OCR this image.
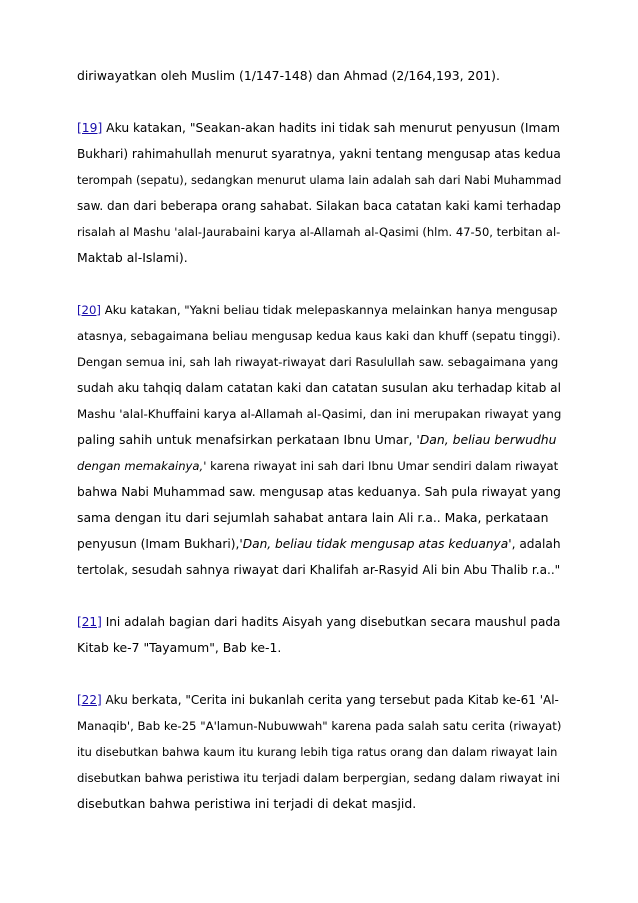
diriwayatkan oleh Muslim (1/147-148) dan Ahmad (2/164,193, 201).

[19] Aku katakan, "Seakan-akan hadits ini tidak sah menurut penyusun (Imam
Bukhari) rahimahullah menurut syaratnya, yakni tentang mengusap atas kedua
terompah (sepatu), sedangkan menurut ulama lain adalah sah dari Nabi Muhammad
saw. dan dari beberapa orang sahabat. Silakan baca catatan kaki kami terhadap
risalah al Mashu 'alal-Jaurabaini karya al-Allamah al-Qasimi (hlm. 47-50, terbitan al-
Maktab al-Islami).

[20] Aku katakan, "Yakni beliau tidak melepaskannya melainkan hanya mengusap
atasnya, sebagaimana beliau mengusap kedua kaus kaki dan khuff (sepatu tinggi).
Dengan semua ini, sah lah riwayat-riwayat dari Rasulullah saw. sebagaimana yang
sudah aku tahqiq dalam catatan kaki dan catatan susulan aku terhadap kitab al
Mashu 'alal-Khuffaini karya al-Allamah al-Qasimi, dan ini merupakan riwayat yang
paling sahih untuk menafsirkan perkataan Ibnu Umar, 'Dan, beliau berwudhu
dengan memakainya,' karena riwayat ini sah dari Ibnu Umar sendiri dalam riwayat
bahwa Nabi Muhammad saw. mengusap atas keduanya. Sah pula riwayat yang
sama dengan itu dari sejumlah sahabat antara lain Ali r.a.. Maka, perkataan
penyusun (Imam Bukhari),'Dan, beliau tidak mengusap atas keduanya', adalah
tertolak, sesudah sahnya riwayat dari Khalifah ar-Rasyid Ali bin Abu Thalib r.a.."

[21] Ini adalah bagian dari hadits Aisyah yang disebutkan secara maushul pada
Kitab ke-7 "Tayamum", Bab ke-1.

[22] Aku berkata, "Cerita ini bukanlah cerita yang tersebut pada Kitab ke-61 'Al-
Manaqib', Bab ke-25 "A'lamun-Nubuwwah" karena pada salah satu cerita (riwayat)
itu disebutkan bahwa kaum itu kurang lebih tiga ratus orang dan dalam riwayat lain
disebutkan bahwa peristiwa itu terjadi dalam berpergian, sedang dalam riwayat ini
disebutkan bahwa peristiwa ini terjadi di dekat masjid.
